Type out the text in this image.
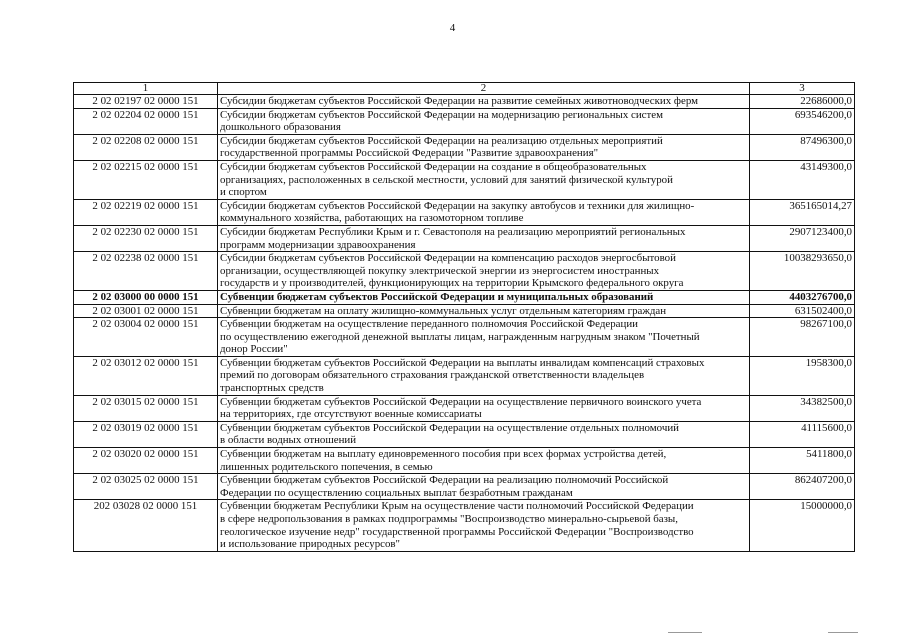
4
1	2	3
2 02 02197 02 0000 151	Субсидии бюджетам субъектов Российской Федерации на развитие семейных животноводческих ферм	22686000,0
2 02 02204 02 0000 151	Субсидии бюджетам субъектов Российской Федерации на модернизацию региональных систем
дошкольного образования	693546200,0
2 02 02208 02 0000 151	Субсидии бюджетам субъектов Российской Федерации на реализацию отдельных мероприятий
государственной программы Российской Федерации "Развитие здравоохранения"	87496300,0
2 02 02215 02 0000 151	Субсидии бюджетам субъектов Российской Федерации на создание в общеобразовательных
организациях, расположенных в сельской местности, условий для занятий физической культурой
и спортом	43149300,0
2 02 02219 02 0000 151	Субсидии бюджетам субъектов Российской Федерации на закупку автобусов и техники для жилищно-
коммунального хозяйства, работающих на газомоторном топливе	365165014,27
2 02 02230 02 0000 151	Субсидии бюджетам Республики Крым и г. Севастополя на реализацию мероприятий региональных
программ модернизации здравоохранения	2907123400,0
2 02 02238 02 0000 151	Субсидии бюджетам субъектов Российской Федерации на компенсацию расходов энергосбытовой
организации, осуществляющей покупку электрической энергии из энергосистем иностранных
государств и у производителей, функционирующих на территории Крымского федерального округа	10038293650,0
2 02 03000 00 0000 151	Субвенции бюджетам субъектов Российской Федерации и муниципальных образований	4403276700,0
2 02 03001 02 0000 151	Субвенции бюджетам на оплату жилищно-коммунальных услуг отдельным категориям граждан	631502400,0
2 02 03004 02 0000 151	Субвенции бюджетам на осуществление переданного полномочия Российской Федерации
по осуществлению ежегодной денежной выплаты лицам, награжденным нагрудным знаком "Почетный
донор России"	98267100,0
2 02 03012 02 0000 151	Субвенции бюджетам субъектов Российской Федерации на выплаты инвалидам компенсаций страховых
премий по договорам обязательного страхования гражданской ответственности владельцев
транспортных средств	1958300,0
2 02 03015 02 0000 151	Субвенции бюджетам субъектов Российской Федерации на осуществление первичного воинского учета
на территориях, где отсутствуют военные комиссариаты	34382500,0
2 02 03019 02 0000 151	Субвенции бюджетам субъектов Российской Федерации на осуществление отдельных полномочий
в области водных отношений	41115600,0
2 02 03020 02 0000 151	Субвенции бюджетам на выплату единовременного пособия при всех формах устройства детей,
лишенных родительского попечения, в семью	5411800,0
2 02 03025 02 0000 151	Субвенции бюджетам субъектов Российской Федерации на реализацию полномочий Российской
Федерации по осуществлению социальных выплат безработным гражданам	862407200,0
202 03028 02 0000 151	Субвенции бюджетам Республики Крым на осуществление части полномочий Российской Федерации
в сфере недропользования в рамках подпрограммы "Воспроизводство минерально-сырьевой базы,
геологическое изучение недр" государственной программы Российской Федерации "Воспроизводство
и использование природных ресурсов"	15000000,0
